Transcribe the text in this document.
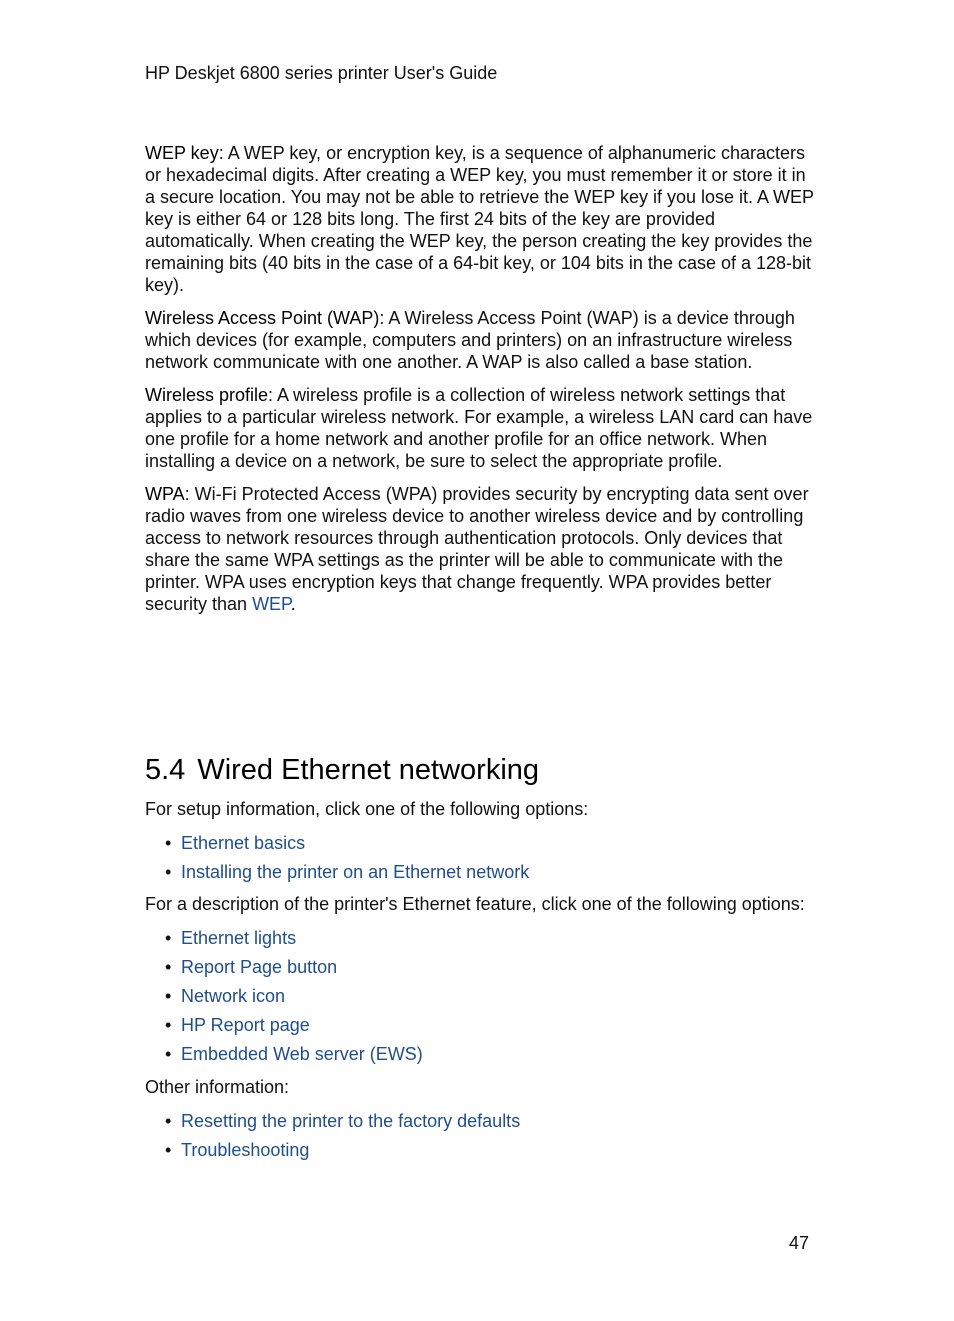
HP Deskjet 6800 series printer User's Guide

WEP key: A WEP key, or encryption key, is a sequence of alphanumeric characters or hexadecimal digits. After creating a WEP key, you must remember it or store it in a secure location. You may not be able to retrieve the WEP key if you lose it. A WEP key is either 64 or 128 bits long. The first 24 bits of the key are provided automatically. When creating the WEP key, the person creating the key provides the remaining bits (40 bits in the case of a 64-bit key, or 104 bits in the case of a 128-bit key).

Wireless Access Point (WAP): A Wireless Access Point (WAP) is a device through which devices (for example, computers and printers) on an infrastructure wireless network communicate with one another. A WAP is also called a base station.

Wireless profile: A wireless profile is a collection of wireless network settings that applies to a particular wireless network. For example, a wireless LAN card can have one profile for a home network and another profile for an office network. When installing a device on a network, be sure to select the appropriate profile.

WPA: Wi-Fi Protected Access (WPA) provides security by encrypting data sent over radio waves from one wireless device to another wireless device and by controlling access to network resources through authentication protocols. Only devices that share the same WPA settings as the printer will be able to communicate with the printer. WPA uses encryption keys that change frequently. WPA provides better security than WEP.

5.4 Wired Ethernet networking

For setup information, click one of the following options:

• Ethernet basics
• Installing the printer on an Ethernet network

For a description of the printer's Ethernet feature, click one of the following options:

• Ethernet lights
• Report Page button
• Network icon
• HP Report page
• Embedded Web server (EWS)

Other information:

• Resetting the printer to the factory defaults
• Troubleshooting
47
